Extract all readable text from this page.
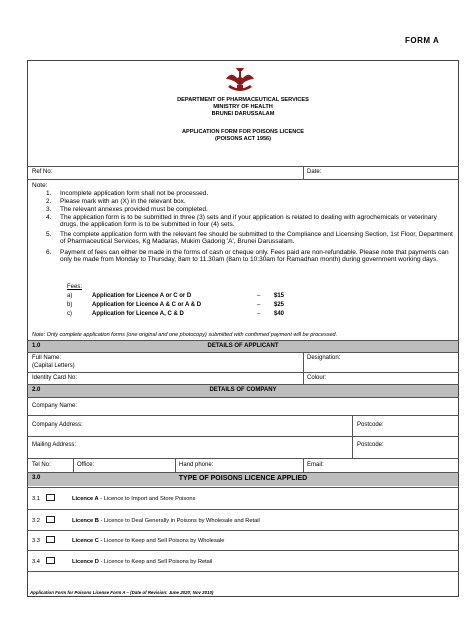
FORM A
DEPARTMENT OF PHARMACEUTICAL SERVICES
MINISTRY OF HEALTH
BRUNEI DARUSSALAM
APPLICATION FORM FOR POISONS LICENCE
(POISONS ACT 1956)
Ref No:	Date:
Note:
1. Incomplete application form shall not be processed.
2. Please mark with an (X) in the relevant box.
3. The relevant annexes provided must be completed.
4. The application form is to be submitted in three (3) sets and if your application is related to dealing with agrochemicals or veterinary drugs, the application form is to be submitted in four (4) sets.
5. The complete application form with the relevant fee should be submitted to the Compliance and Licensing Section, 1st Floor, Department of Pharmaceutical Services, Kg Madaras, Mukim Gadong 'A', Brunei Darussalam.
6. Payment of fees can either be made in the forms of cash or cheque only. Fees paid are non-refundable. Please note that payments can only be made from Monday to Thursday, 8am to 11.30am (8am to 10:30am for Ramadhan month) during government working days.
Fees:
a)	Application for Licence A or C or D	– $15
b)	Application for Licence A & C or A & D	– $25
c)	Application for Licence A, C & D	– $40
Note: Only complete application forms (one original and one photocopy) submitted with confirmed payment will be processed.
1.0	DETAILS OF APPLICANT
Full Name:
(Capital Letters)
Designation:
Identity Card No:	Colour:
2.0	DETAILS OF COMPANY
Company Name:
Company Address:	Postcode:
Mailing Address:	Postcode:
Tel No:	Office:	Hand phone:	Email:
3.0	TYPE OF POISONS LICENCE APPLIED
3.1	Licence A - Licence to Import and Store Poisons
3.2	Licence B - Licence to Deal Generally in Poisons by Wholesale and Retail
3.3	Licence C - Licence to Keep and Sell Poisons by Wholesale
3.4	Licence D - Licence to Keep and Sell Poisons by Retail
Application Form for Poisons License Form A – (Date of Revision: June 2020; Nov 2010)
